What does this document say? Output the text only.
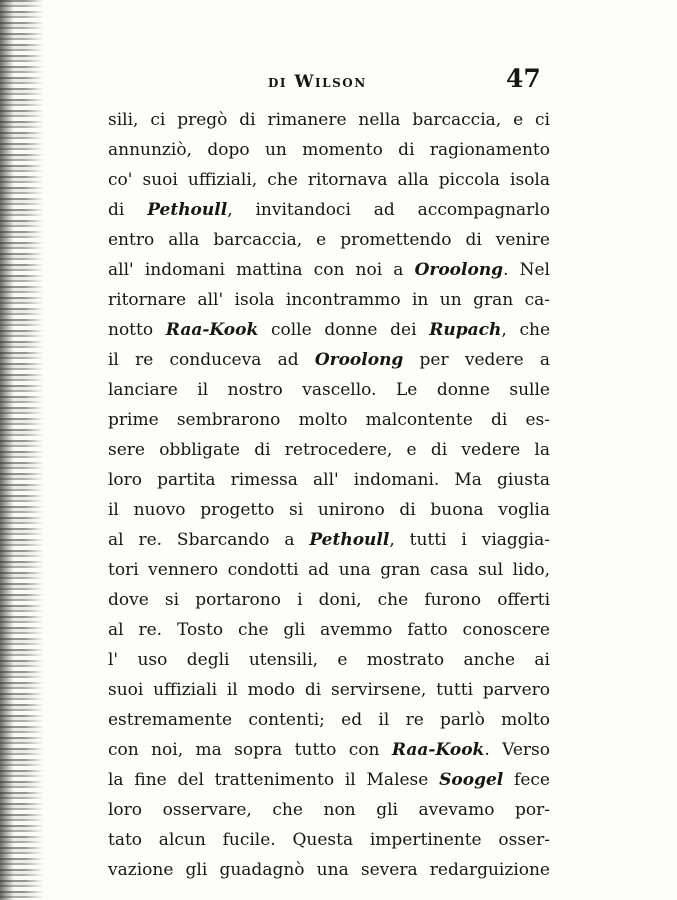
di Wilson	47
sili, ci pregò di rimanere nella barcaccia, e ci
annunziò, dopo un momento di ragionamento
co' suoi uffiziali, che ritornava alla piccola isola
di Pethoull, invitandoci ad accompagnarlo
entro alla barcaccia, e promettendo di venire
all' indomani mattina con noi a Oroolong. Nel
ritornare all' isola incontrammo in un gran ca-
notto Raa-Kook colle donne dei Rupach, che
il re conduceva ad Oroolong per vedere a
lanciare il nostro vascello. Le donne sulle
prime sembrarono molto malcontente di es-
sere obbligate di retrocedere, e di vedere la
loro partita rimessa all' indomani. Ma giusta
il nuovo progetto si unirono di buona voglia
al re. Sbarcando a Pethoull, tutti i viaggia-
tori vennero condotti ad una gran casa sul lido,
dove si portarono i doni, che furono offerti
al re. Tosto che gli avemmo fatto conoscere
l' uso degli utensili, e mostrato anche ai
suoi uffiziali il modo di servirsene, tutti parvero
estremamente contenti; ed il re parlò molto
con noi, ma sopra tutto con Raa-Kook. Verso
la fine del trattenimento il Malese Soogel fece
loro osservare, che non gli avevamo por-
tato alcun fucile. Questa impertinente osser-
vazione gli guadagnò una severa redarguizione
